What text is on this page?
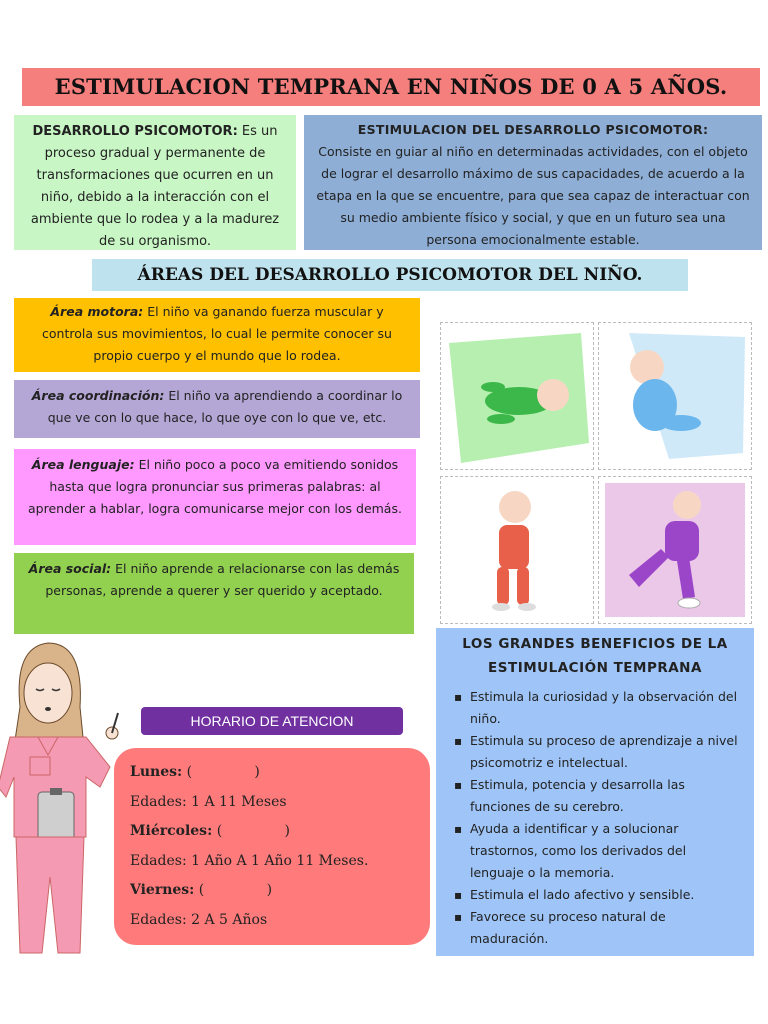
ESTIMULACION TEMPRANA EN NIÑOS DE 0 A 5 AÑOS.
DESARROLLO PSICOMOTOR: Es un proceso gradual y permanente de transformaciones que ocurren en un niño, debido a la interacción con el ambiente que lo rodea y a la madurez de su organismo.
ESTIMULACION DEL DESARROLLO PSICOMOTOR:
Consiste en guiar al niño en determinadas actividades, con el objeto de lograr el desarrollo máximo de sus capacidades, de acuerdo a la etapa en la que se encuentre, para que sea capaz de interactuar con su medio ambiente físico y social, y que en un futuro sea una persona emocionalmente estable.
ÁREAS DEL DESARROLLO PSICOMOTOR DEL NIÑO.
Área motora: El niño va ganando fuerza muscular y controla sus movimientos, lo cual le permite conocer su propio cuerpo y el mundo que lo rodea.
Área coordinación: El niño va aprendiendo a coordinar lo que ve con lo que hace, lo que oye con lo que ve, etc.
Área lenguaje: El niño poco a poco va emitiendo sonidos hasta que logra pronunciar sus primeras palabras: al aprender a hablar, logra comunicarse mejor con los demás.
Área social: El niño aprende a relacionarse con las demás personas, aprende a querer y ser querido y aceptado.
LOS GRANDES BENEFICIOS DE LA ESTIMULACIÓN TEMPRANA
▪ Estimula la curiosidad y la observación del niño.
▪ Estimula su proceso de aprendizaje a nivel psicomotriz e intelectual.
▪ Estimula, potencia y desarrolla las funciones de su cerebro.
▪ Ayuda a identificar y a solucionar trastornos, como los derivados del lenguaje o la memoria.
▪ Estimula el lado afectivo y sensible.
▪ Favorece su proceso natural de maduración.
HORARIO DE ATENCION
Lunes: (              )
Edades: 1 A 11 Meses
Miércoles: (              )
Edades: 1 Año A 1 Año 11 Meses.
Viernes: (              )
Edades: 2 A 5 Años
